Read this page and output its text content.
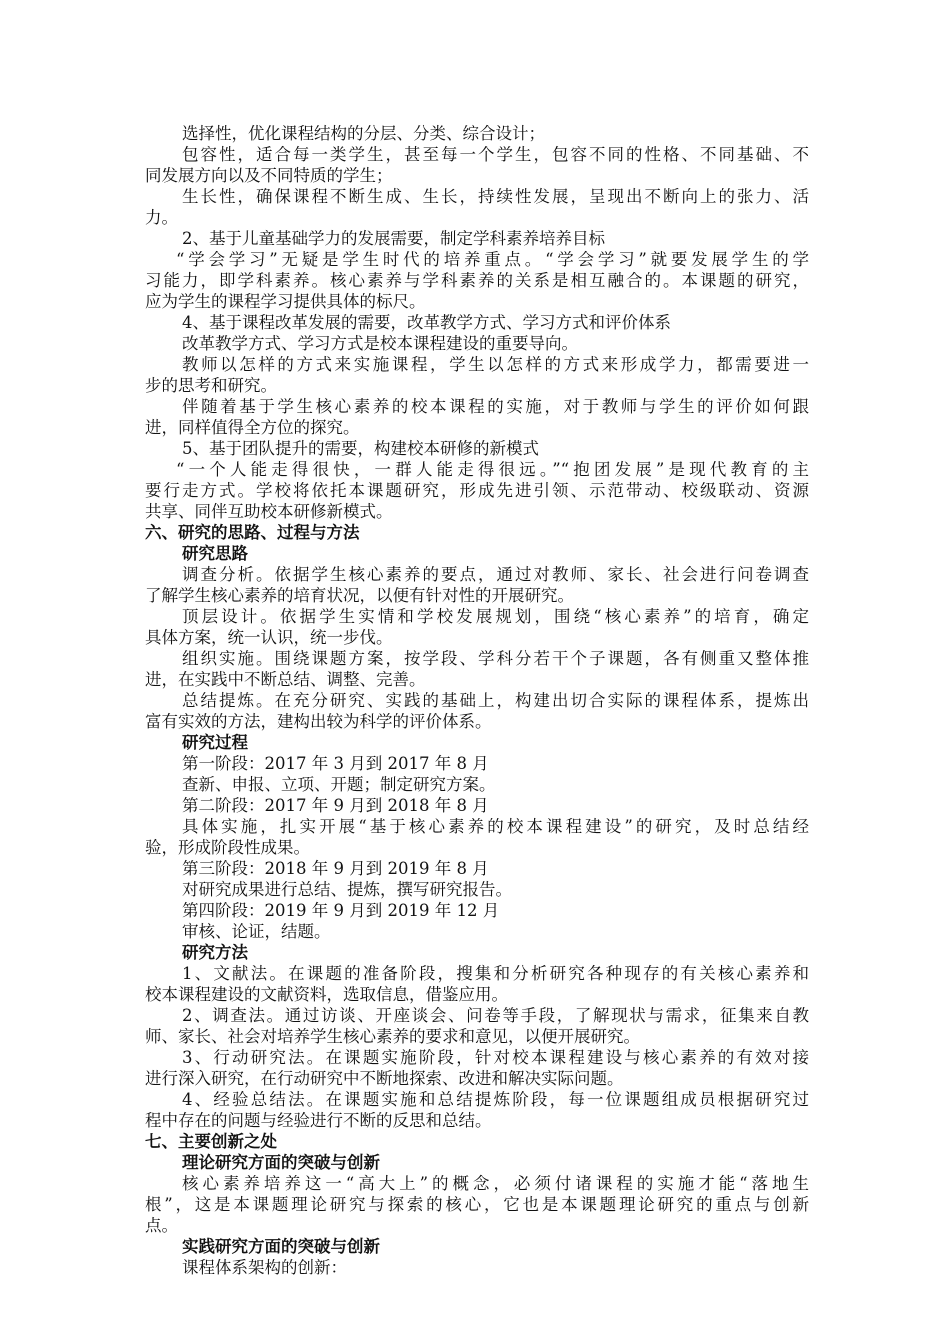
选择性，优化课程结构的分层、分类、综合设计；

包容性，适合每一类学生，甚至每一个学生，包容不同的性格、不同基础、不

同发展方向以及不同特质的学生；

生长性，确保课程不断生成、生长，持续性发展，呈现出不断向上的张力、活

力。

2、基于儿童基础学力的发展需要，制定学科素养培养目标

“学会学习”无疑是学生时代的培养重点。“学会学习”就要发展学生的学

习能力，即学科素养。核心素养与学科素养的关系是相互融合的。本课题的研究，

应为学生的课程学习提供具体的标尺。

4、基于课程改革发展的需要，改革教学方式、学习方式和评价体系

改革教学方式、学习方式是校本课程建设的重要导向。

教师以怎样的方式来实施课程，学生以怎样的方式来形成学力，都需要进一

步的思考和研究。

伴随着基于学生核心素养的校本课程的实施，对于教师与学生的评价如何跟

进，同样值得全方位的探究。

5、基于团队提升的需要，构建校本研修的新模式

“一个人能走得很快，一群人能走得很远。”“抱团发展”是现代教育的主

要行走方式。学校将依托本课题研究，形成先进引领、示范带动、校级联动、资源

共享、同伴互助校本研修新模式。

六、研究的思路、过程与方法

研究思路

调查分析。依据学生核心素养的要点，通过对教师、家长、社会进行问卷调查

了解学生核心素养的培育状况，以便有针对性的开展研究。

顶层设计。依据学生实情和学校发展规划，围绕“核心素养”的培育，确定

具体方案，统一认识，统一步伐。

组织实施。围绕课题方案，按学段、学科分若干个子课题，各有侧重又整体推

进，在实践中不断总结、调整、完善。

总结提炼。在充分研究、实践的基础上，构建出切合实际的课程体系，提炼出

富有实效的方法，建构出较为科学的评价体系。

研究过程

第一阶段：2017 年 3 月到 2017 年 8 月

查新、申报、立项、开题；制定研究方案。

第二阶段：2017 年 9 月到 2018 年 8 月

具体实施，扎实开展“基于核心素养的校本课程建设”的研究，及时总结经

验，形成阶段性成果。

第三阶段：2018 年 9 月到 2019 年 8 月

对研究成果进行总结、提炼，撰写研究报告。

第四阶段：2019 年 9 月到 2019 年 12 月

审核、论证，结题。

研究方法

1、文献法。在课题的准备阶段，搜集和分析研究各种现存的有关核心素养和

校本课程建设的文献资料，选取信息，借鉴应用。

2、调查法。通过访谈、开座谈会、问卷等手段，了解现状与需求，征集来自教

师、家长、社会对培养学生核心素养的要求和意见，以便开展研究。

3、行动研究法。在课题实施阶段，针对校本课程建设与核心素养的有效对接

进行深入研究，在行动研究中不断地探索、改进和解决实际问题。

4、经验总结法。在课题实施和总结提炼阶段，每一位课题组成员根据研究过

程中存在的问题与经验进行不断的反思和总结。

七、主要创新之处

理论研究方面的突破与创新

核心素养培养这一“高大上”的概念，必须付诸课程的实施才能“落地生

根”，这是本课题理论研究与探索的核心，它也是本课题理论研究的重点与创新

点。

实践研究方面的突破与创新

课程体系架构的创新：
